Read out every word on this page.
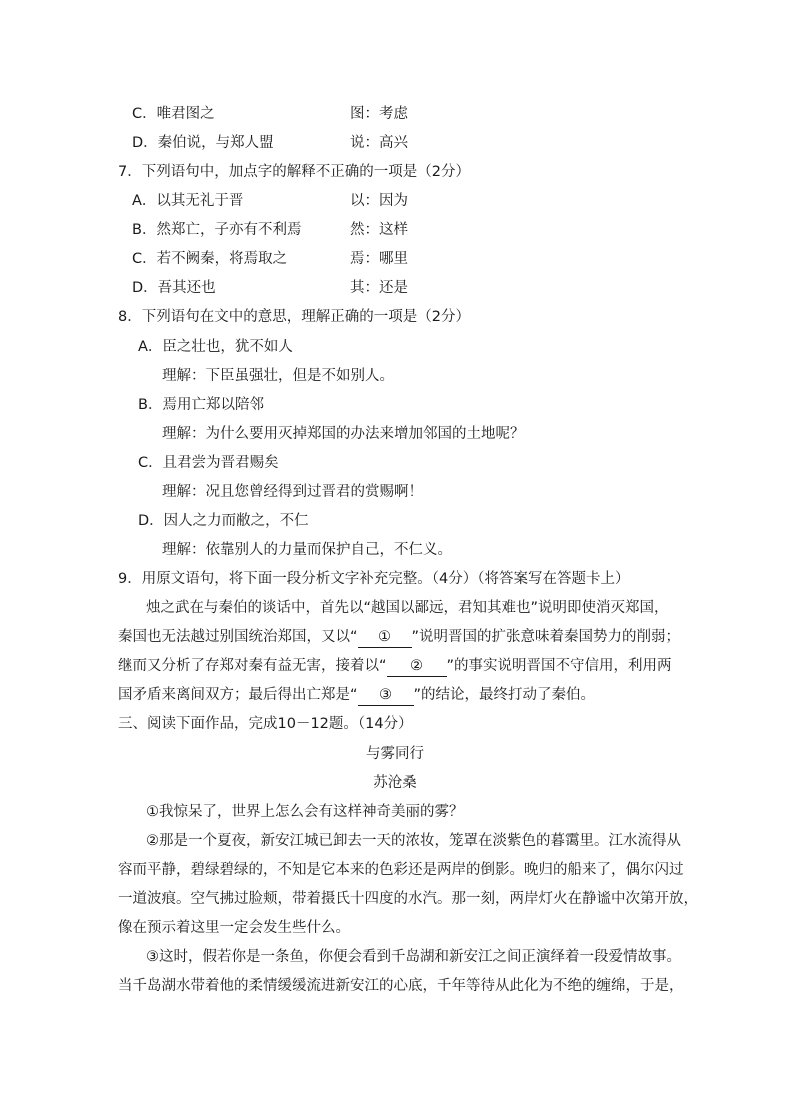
C．唯君图之	图：考虑
D．秦伯说，与郑人盟	说：高兴
7．下列语句中，加点字的解释不正确的一项是（2分）
A．以其无礼于晋	以：因为
B．然郑亡，子亦有不利焉	然：这样
C．若不阙秦，将焉取之	焉：哪里
D．吾其还也	其：还是
8．下列语句在文中的意思，理解正确的一项是（2分）
A．臣之壮也，犹不如人
理解：下臣虽强壮，但是不如别人。
B．焉用亡郑以陪邻
理解：为什么要用灭掉郑国的办法来增加邻国的土地呢？
C．且君尝为晋君赐矣
理解：况且您曾经得到过晋君的赏赐啊！
D．因人之力而敝之，不仁
理解：依靠别人的力量而保护自己，不仁义。
9．用原文语句，将下面一段分析文字补充完整。（4分）（将答案写在答题卡上）
烛之武在与秦伯的谈话中，首先以“越国以鄙远，君知其难也”说明即使消灭郑国，
秦国也无法越过别国统治郑国，又以“ ① ”说明晋国的扩张意味着秦国势力的削弱；
继而又分析了存郑对秦有益无害，接着以“ ② ”的事实说明晋国不守信用，利用两
国矛盾来离间双方；最后得出亡郑是“ ③ ”的结论，最终打动了秦伯。
三、阅读下面作品，完成10－12题。（14分）
与雾同行
苏沧桑
①我惊呆了，世界上怎么会有这样神奇美丽的雾？
②那是一个夏夜，新安江城已卸去一天的浓妆，笼罩在淡紫色的暮霭里。江水流得从
容而平静，碧绿碧绿的，不知是它本来的色彩还是两岸的倒影。晚归的船来了，偶尔闪过
一道波痕。空气拂过脸颊，带着摄氏十四度的水汽。那一刻，两岸灯火在静谧中次第开放，
像在预示着这里一定会发生些什么。
③这时，假若你是一条鱼，你便会看到千岛湖和新安江之间正演绎着一段爱情故事。
当千岛湖水带着他的柔情缓缓流进新安江的心底，千年等待从此化为不绝的缠绵，于是，
